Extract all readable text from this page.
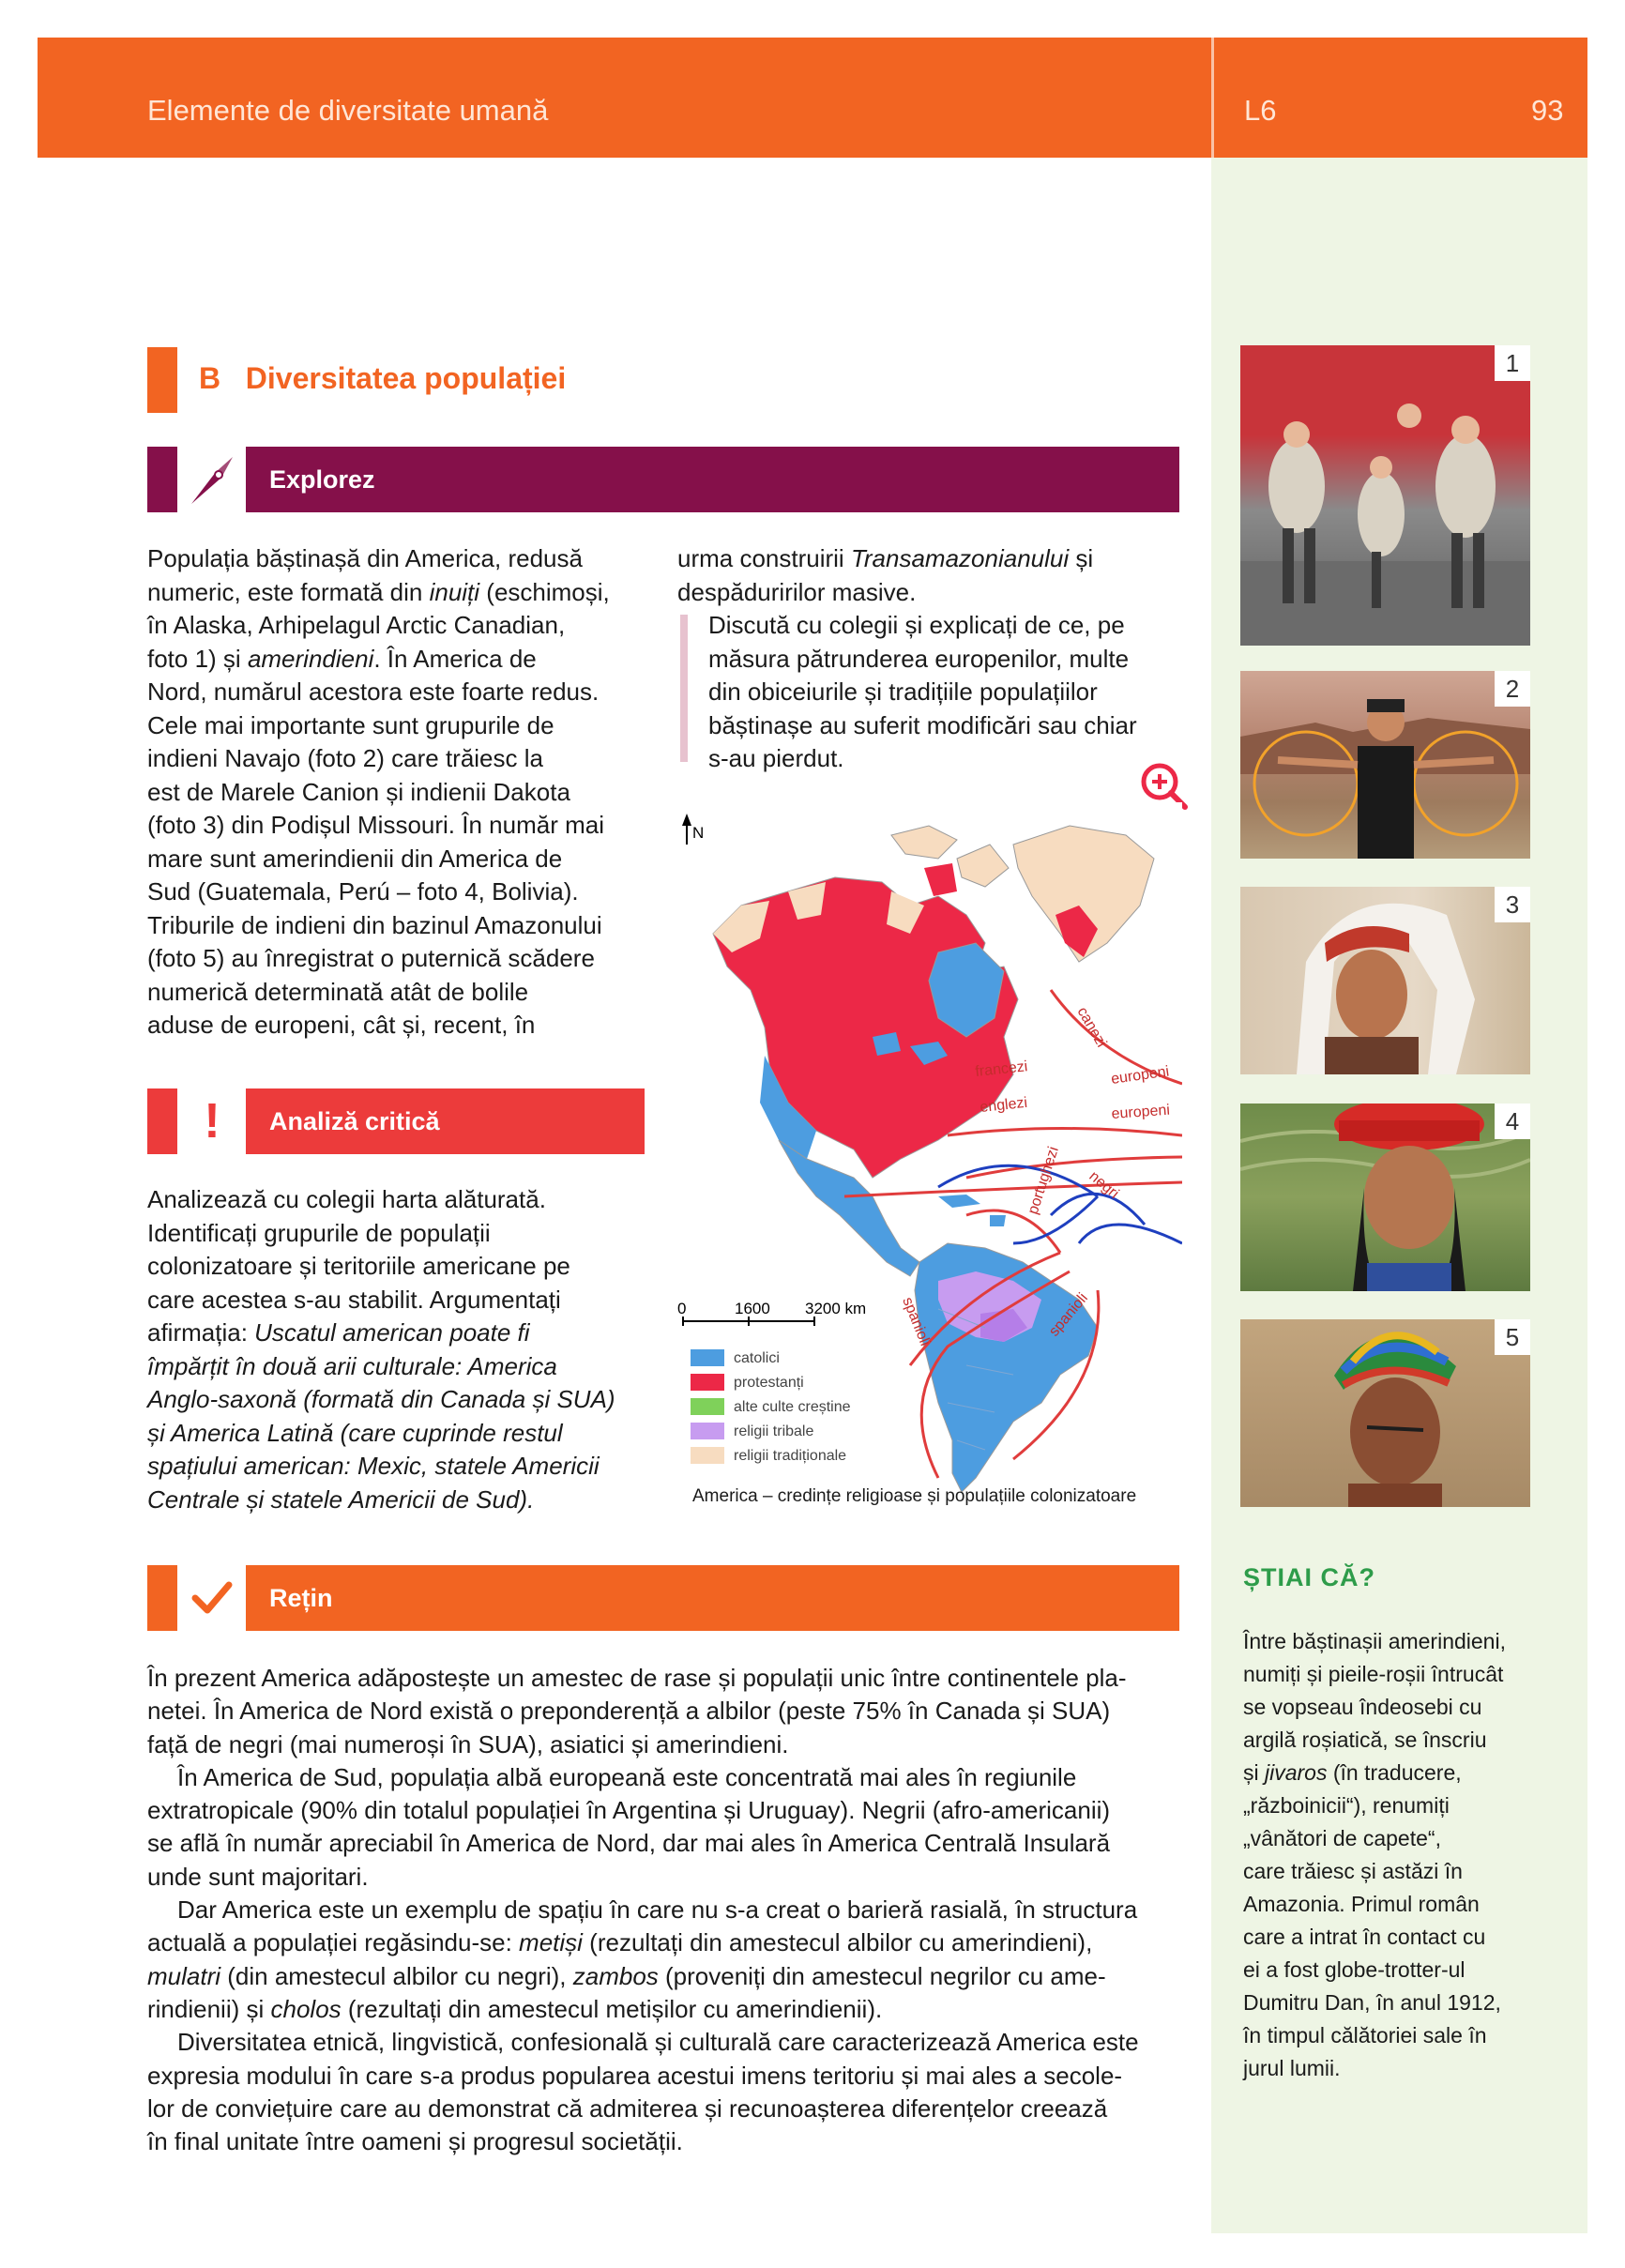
Elemente de diversitate umană	L6	93
B Diversitatea populației
Explorez
Populația băștinașă din America, redusă
numeric, este formată din inuiți (eschimoși,
în Alaska, Arhipelagul Arctic Canadian,
foto 1) și amerindieni. În America de
Nord, numărul acestora este foarte redus.
Cele mai importante sunt grupurile de
indieni Navajo (foto 2) care trăiesc la
est de Marele Canion și indienii Dakota
(foto 3) din Podișul Missouri. În număr mai
mare sunt amerindienii din America de
Sud (Guatemala, Perú – foto 4, Bolivia).
Triburile de indieni din bazinul Amazonului
(foto 5) au înregistrat o puternică scădere
numerică determinată atât de bolile
aduse de europeni, cât și, recent, în
urma construirii Transamazonianului și
despăduririlor masive.
Discută cu colegii și explicați de ce, pe
măsura pătrunderea europenilor, multe
din obiceiurile și tradițiile populațiilor
băștinașe au suferit modificări sau chiar
s-au pierdut.
! Analiză critică
Analizează cu colegii harta alăturată.
Identificați grupurile de populații
colonizatoare și teritoriile americane pe
care acestea s-au stabilit. Argumentați
afirmația: Uscatul american poate fi
împărțit în două arii culturale: America
Anglo-saxonă (formată din Canada și SUA)
și America Latină (care cuprinde restul
spațiului american: Mexic, statele Americii
Centrale și statele Americii de Sud).
canezi
francezi	europeni
englezi	europeni
portughezi negri
spanioli	spanioli
N
0	1600 3200 km
catolici
protestanți
alte culte creștine
religii tribale
religii tradiționale
America – credințe religioase și populațiile colonizatoare
Rețin
În prezent America adăpostește un amestec de rase și populații unic între continentele pla-
netei. În America de Nord există o preponderență a albilor (peste 75% în Canada și SUA)
față de negri (mai numeroși în SUA), asiatici și amerindieni.
În America de Sud, populația albă europeană este concentrată mai ales în regiunile
extratropicale (90% din totalul populației în Argentina și Uruguay). Negrii (afro-americanii)
se află în număr apreciabil în America de Nord, dar mai ales în America Centrală Insulară
unde sunt majoritari.
Dar America este un exemplu de spațiu în care nu s-a creat o barieră rasială, în structura
actuală a populației regăsindu-se: metiși (rezultați din amestecul albilor cu amerindieni),
mulatri (din amestecul albilor cu negri), zambos (proveniți din amestecul negrilor cu ame-
rindienii) și cholos (rezultați din amestecul metișilor cu amerindienii).
Diversitatea etnică, lingvistică, confesională și culturală care caracterizează America este
expresia modului în care s-a produs popularea acestui imens teritoriu și mai ales a secole-
lor de conviețuire care au demonstrat că admiterea și recunoașterea diferențelor creează
în final unitate între oameni și progresul societății.
1
2
3
4
5
ȘTIAI CĂ?
Între băștinașii amerindieni,
numiți și pieile-roșii întrucât
se vopseau îndeosebi cu
argilă roșiatică, se înscriu
și jivaros (în traducere,
„războinicii“), renumiți
„vânători de capete“,
care trăiesc și astăzi în
Amazonia. Primul român
care a intrat în contact cu
ei a fost globe-trotter-ul
Dumitru Dan, în anul 1912,
în timpul călătoriei sale în
jurul lumii.
